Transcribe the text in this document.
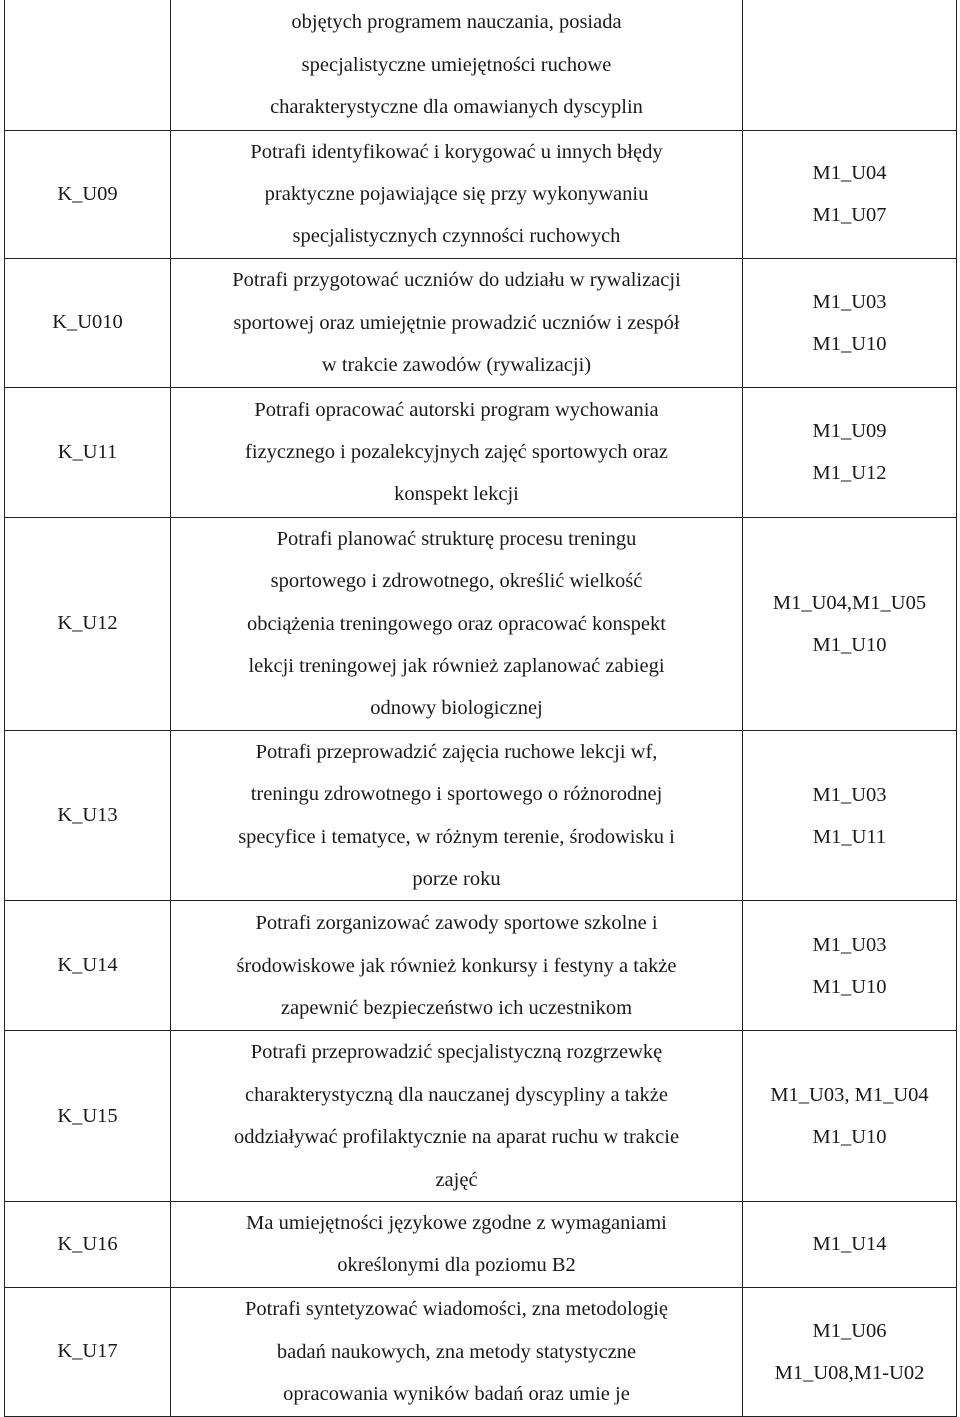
	objętych programem nauczania, posiada
specjalistyczne umiejętności ruchowe
charakterystyczne dla omawianych dyscyplin	

K_U09	Potrafi identyfikować i korygować u innych błędy
praktyczne pojawiające się przy wykonywaniu
specjalistycznych czynności ruchowych	M1_U04
M1_U07

K_U010	Potrafi przygotować uczniów do udziału w rywalizacji
sportowej oraz umiejętnie prowadzić uczniów i zespół
w trakcie zawodów (rywalizacji)	M1_U03
M1_U10

K_U11	Potrafi opracować autorski program wychowania
fizycznego i pozalekcyjnych zajęć sportowych oraz
konspekt lekcji	M1_U09
M1_U12

K_U12	Potrafi planować strukturę procesu treningu
sportowego i zdrowotnego, określić wielkość
obciążenia treningowego oraz opracować konspekt
lekcji treningowej jak również zaplanować zabiegi
odnowy biologicznej	M1_U04,M1_U05
M1_U10

K_U13	Potrafi przeprowadzić zajęcia ruchowe lekcji wf,
treningu zdrowotnego i sportowego o różnorodnej
specyfice i tematyce, w różnym terenie, środowisku i
porze roku	M1_U03
M1_U11

K_U14	Potrafi zorganizować zawody sportowe szkolne i
środowiskowe jak również konkursy i festyny a także
zapewnić bezpieczeństwo ich uczestnikom	M1_U03
M1_U10

K_U15	Potrafi przeprowadzić specjalistyczną rozgrzewkę
charakterystyczną dla nauczanej dyscypliny a także
oddziaływać profilaktycznie na aparat ruchu w trakcie
zajęć	M1_U03, M1_U04
M1_U10

K_U16	Ma umiejętności językowe zgodne z wymaganiami
określonymi dla poziomu B2	M1_U14

K_U17	Potrafi syntetyzować wiadomości, zna metodologię
badań naukowych, zna metody statystyczne
opracowania wyników badań oraz umie je	M1_U06
M1_U08,M1-U02
